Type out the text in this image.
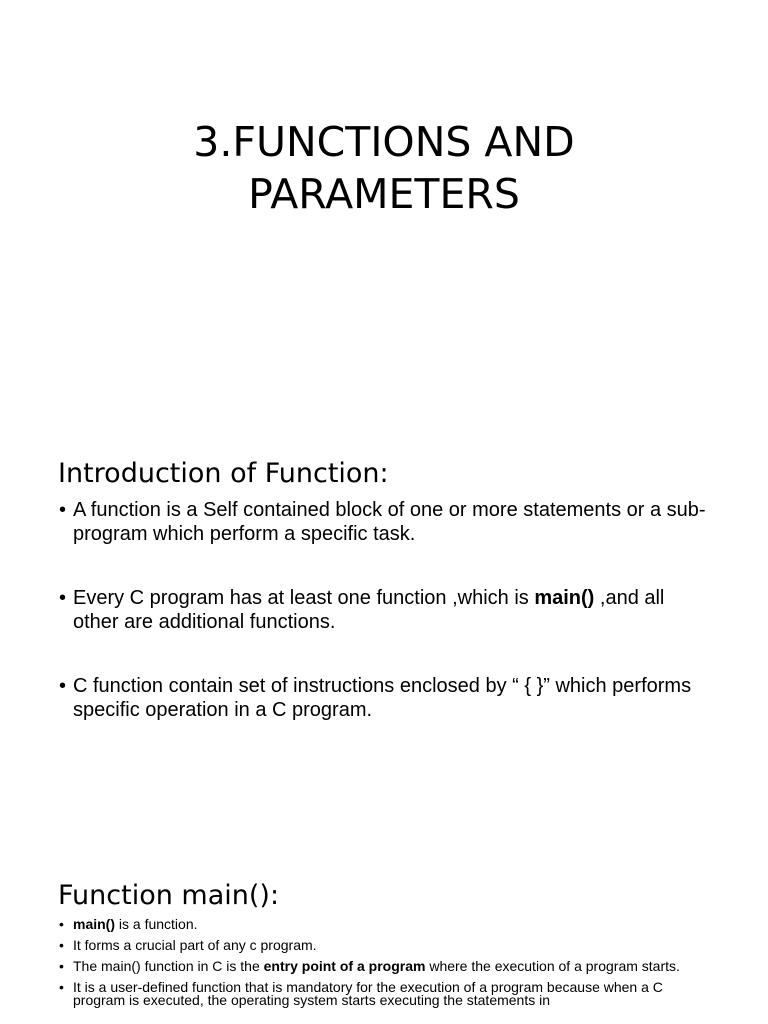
3.FUNCTIONS AND
PARAMETERS
Introduction of Function:
• A function is a Self contained block of one or more statements or a sub-program which perform a specific task.
• Every C program has at least one function ,which is main() ,and all other are additional functions.
• C function contain set of instructions enclosed by “ { }” which performs specific operation in a C program.
Function main():
• main() is a function.
• It forms a crucial part of any c program.
• The main() function in C is the entry point of a program where the execution of a program starts.
• It is a user-defined function that is mandatory for the execution of a program because when a C program is executed, the operating system starts executing the statements in
